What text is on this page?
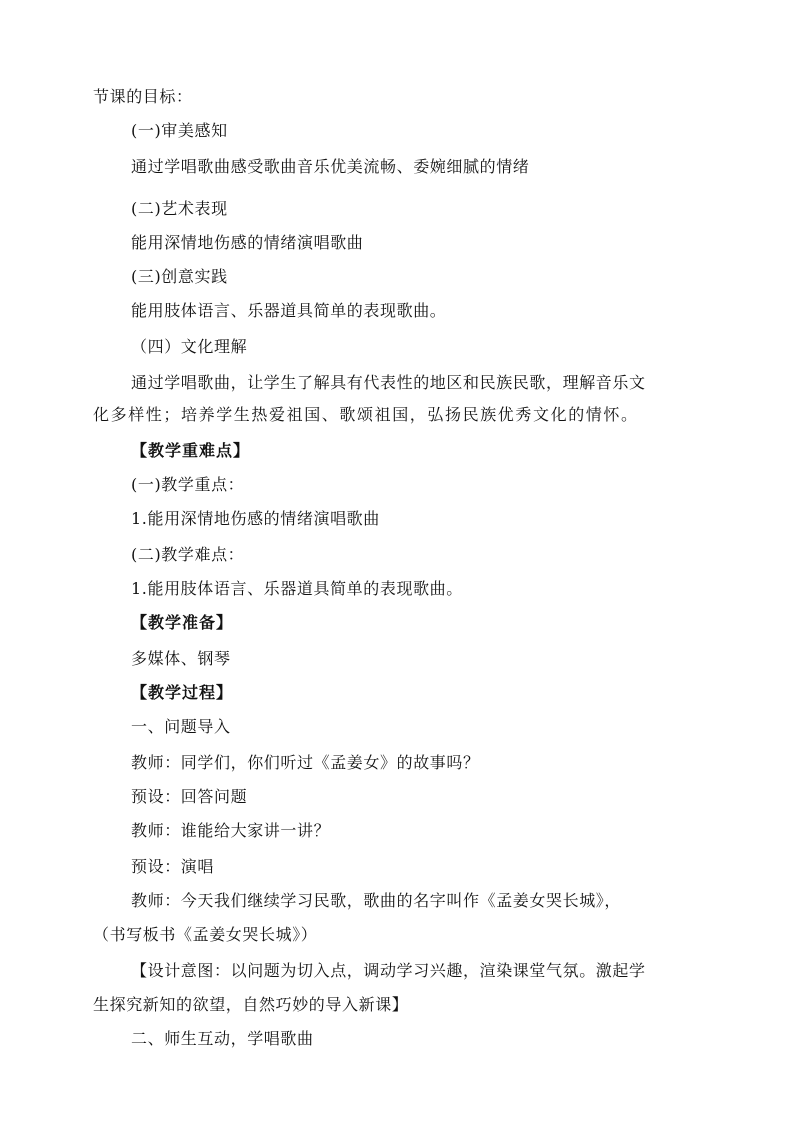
节课的目标：
(一)审美感知
通过学唱歌曲感受歌曲音乐优美流畅、委婉细腻的情绪
(二)艺术表现
能用深情地伤感的情绪演唱歌曲
(三)创意实践
能用肢体语言、乐器道具简单的表现歌曲。
（四）文化理解
通过学唱歌曲，让学生了解具有代表性的地区和民族民歌，理解音乐文
化多样性；培养学生热爱祖国、歌颂祖国，弘扬民族优秀文化的情怀。
【教学重难点】
(一)教学重点：
1.能用深情地伤感的情绪演唱歌曲
(二)教学难点：
1.能用肢体语言、乐器道具简单的表现歌曲。
【教学准备】
多媒体、钢琴
【教学过程】
一、问题导入
教师：同学们，你们听过《孟姜女》的故事吗？
预设：回答问题
教师：谁能给大家讲一讲？
预设：演唱
教师：今天我们继续学习民歌，歌曲的名字叫作《孟姜女哭长城》，
（书写板书《孟姜女哭长城》）
【设计意图：以问题为切入点，调动学习兴趣，渲染课堂气氛。激起学
生探究新知的欲望，自然巧妙的导入新课】
二、师生互动，学唱歌曲
